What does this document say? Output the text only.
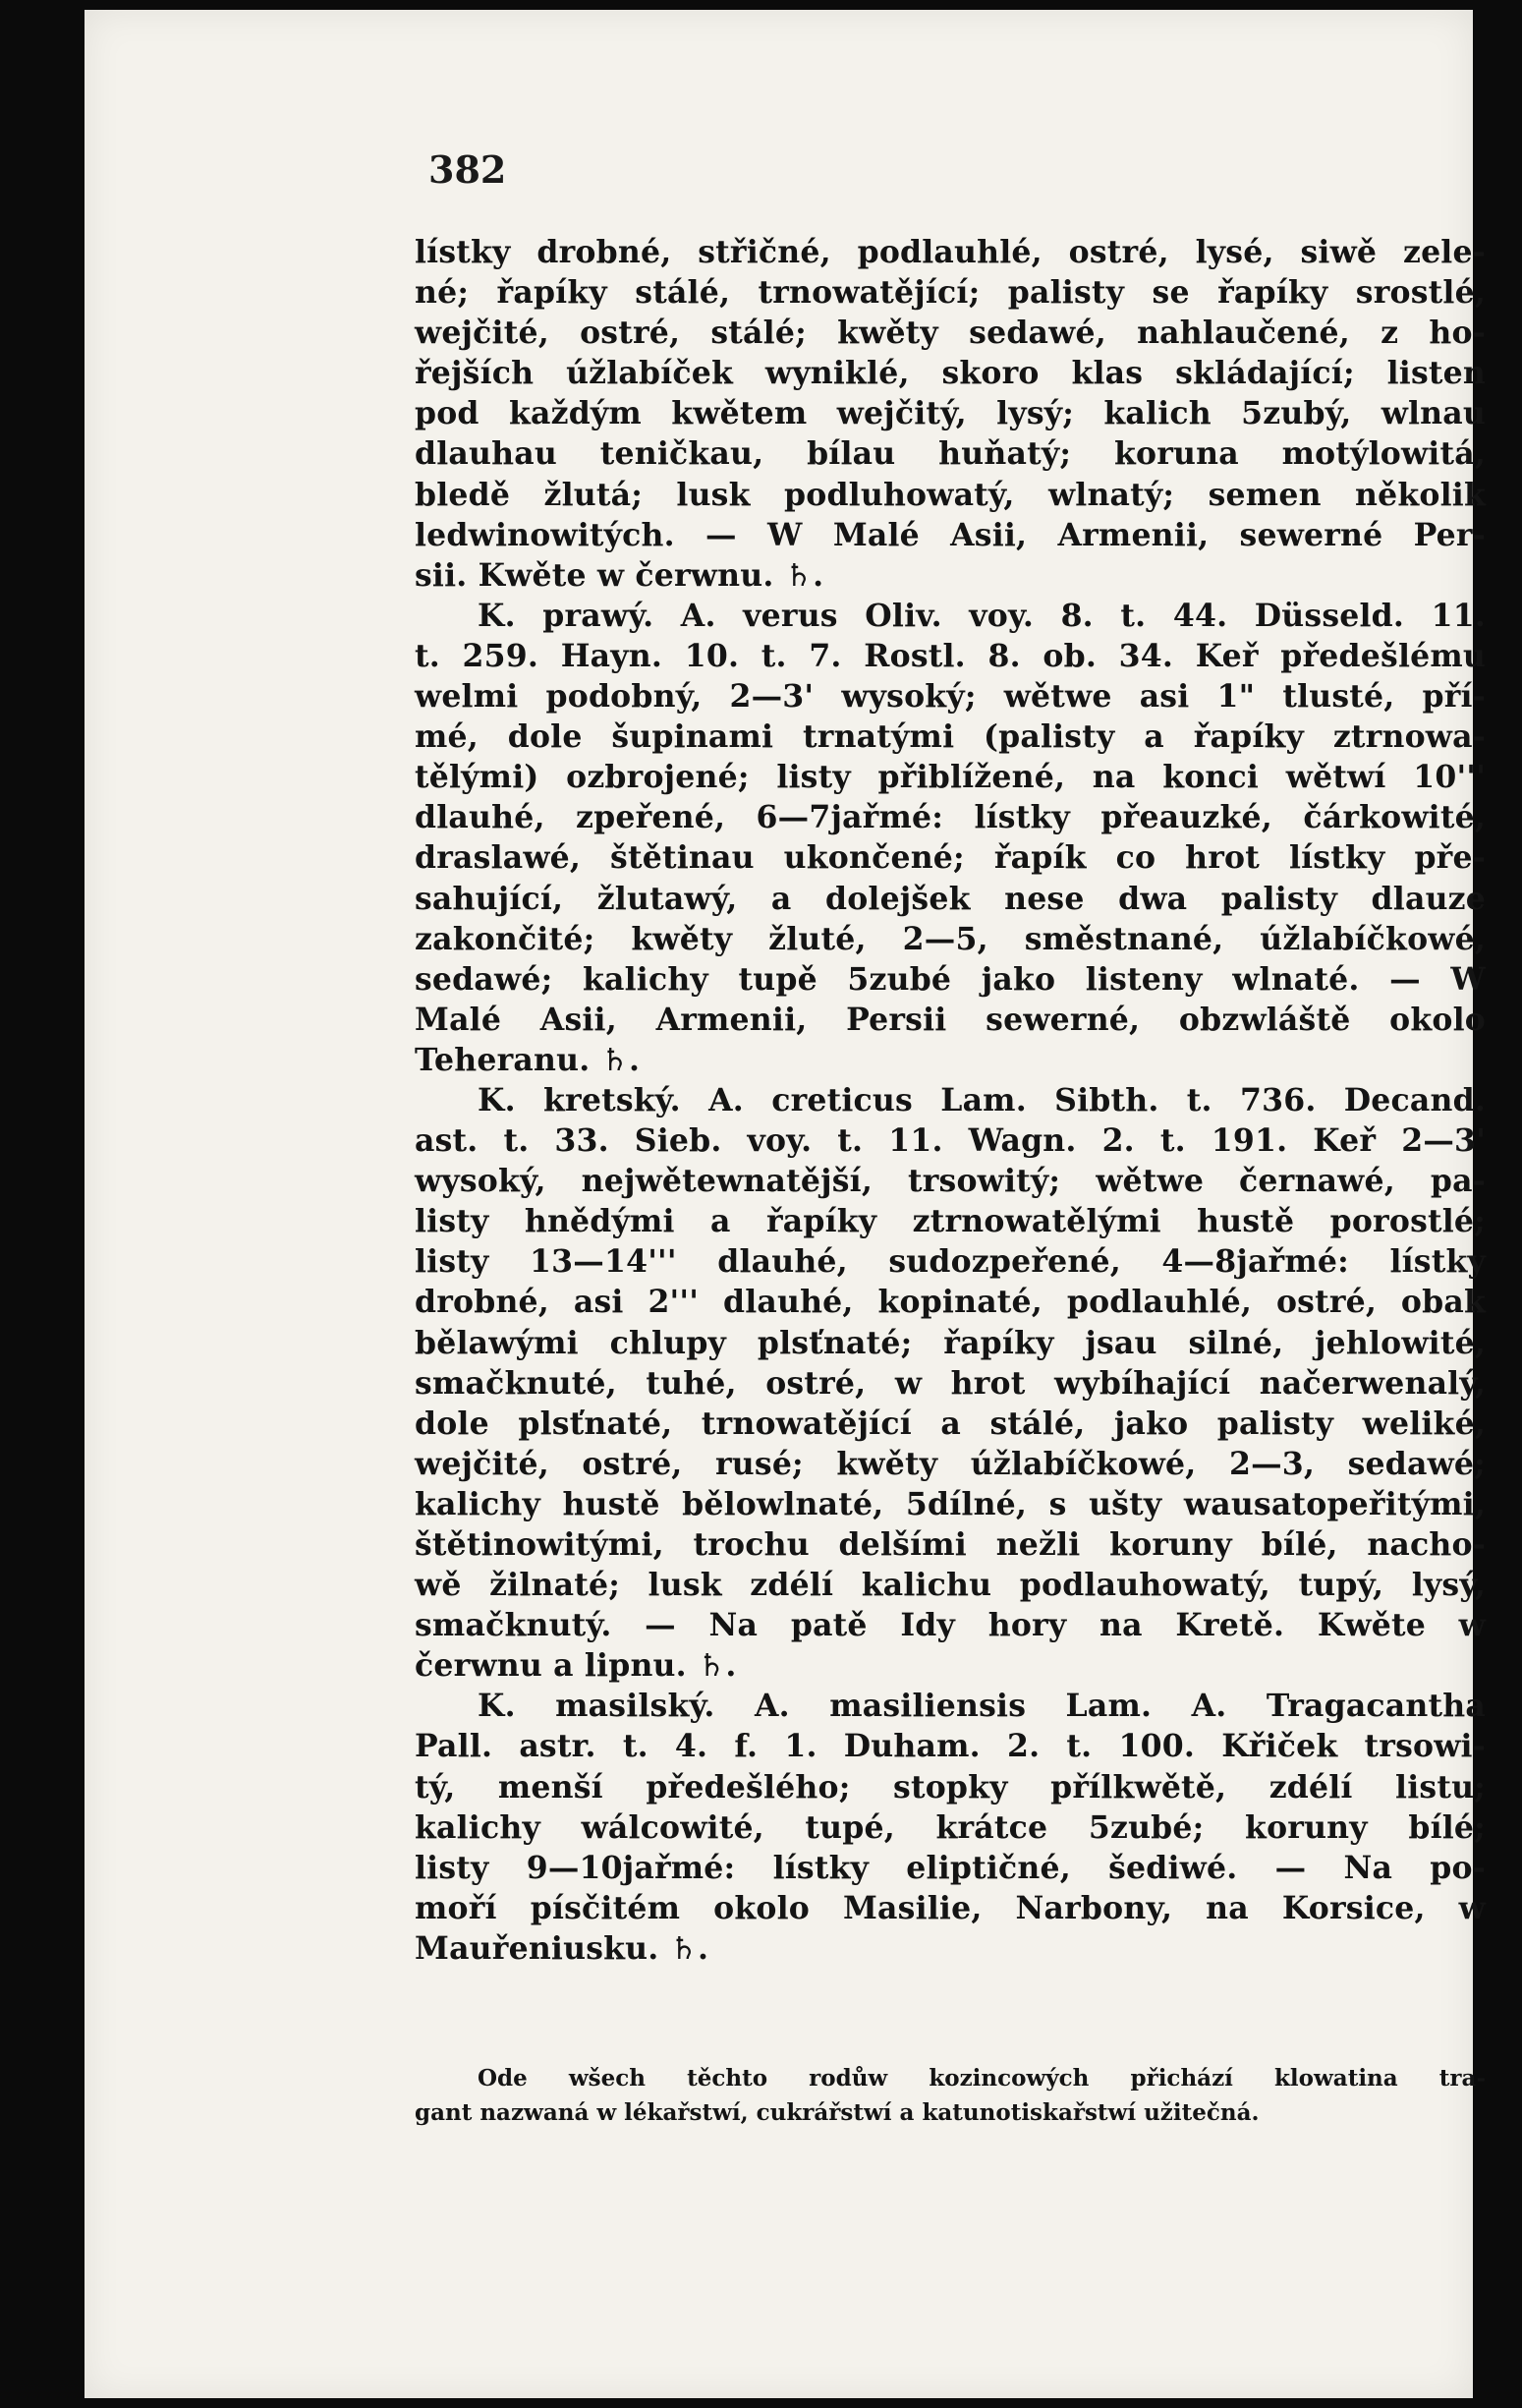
382
lístky drobné, střičné, podlauhlé, ostré, lysé, siwě zele-
né; řapíky stálé, trnowatějící; palisty se řapíky srostlé,
wejčité, ostré, stálé; kwěty sedawé, nahlaučené, z ho-
řejších úžlabíček wyniklé, skoro klas skládající; listen
pod každým kwětem wejčitý, lysý; kalich 5zubý, wlnau
dlauhau teničkau, bílau huňatý; koruna motýlowitá,
bledě žlutá; lusk podluhowatý, wlnatý; semen několik
ledwinowitých. — W Malé Asii, Armenii, sewerné Per-
sii. Kwěte w čerwnu. ♄.
K. prawý. A. verus Oliv. voy. 8. t. 44. Düsseld. 11.
t. 259. Hayn. 10. t. 7. Rostl. 8. ob. 34. Keř předešlému
welmi podobný, 2—3' wysoký; wětwe asi 1" tlusté, pří-
mé, dole šupinami trnatými (palisty a řapíky ztrnowa-
tělými) ozbrojené; listy přiblížené, na konci wětwí 10'''
dlauhé, zpeřené, 6—7jařmé: lístky přeauzké, čárkowité,
draslawé, štětinau ukončené; řapík co hrot lístky pře-
sahující, žlutawý, a dolejšek nese dwa palisty dlauze
zakončité; kwěty žluté, 2—5, směstnané, úžlabíčkowé,
sedawé; kalichy tupě 5zubé jako listeny wlnaté. — W
Malé Asii, Armenii, Persii sewerné, obzwláště okolo
Teheranu. ♄.
K. kretský. A. creticus Lam. Sibth. t. 736. Decand.
ast. t. 33. Sieb. voy. t. 11. Wagn. 2. t. 191. Keř 2—3'
wysoký, nejwětewnatější, trsowitý; wětwe černawé, pa-
listy hnědými a řapíky ztrnowatělými hustě porostlé;
listy 13—14''' dlauhé, sudozpeřené, 4—8jařmé: lístky
drobné, asi 2''' dlauhé, kopinaté, podlauhlé, ostré, obak
bělawými chlupy plsťnaté; řapíky jsau silné, jehlowité,
smačknuté, tuhé, ostré, w hrot wybíhající načerwenalý,
dole plsťnaté, trnowatějící a stálé, jako palisty weliké,
wejčité, ostré, rusé; kwěty úžlabíčkowé, 2—3, sedawé;
kalichy hustě bělowlnaté, 5dílné, s ušty wausatopeřitými,
štětinowitými, trochu delšími nežli koruny bílé, nacho-
wě žilnaté; lusk zdélí kalichu podlauhowatý, tupý, lysý,
smačknutý. — Na patě Idy hory na Kretě. Kwěte w
čerwnu a lipnu. ♄.
K. masilský. A. masiliensis Lam. A. Tragacantha
Pall. astr. t. 4. f. 1. Duham. 2. t. 100. Křiček trsowi-
tý, menší předešlého; stopky přílkwětě, zdélí listu;
kalichy wálcowité, tupé, krátce 5zubé; koruny bílé;
listy 9—10jařmé: lístky eliptičné, šediwé. — Na po-
moří písčitém okolo Masilie, Narbony, na Korsice, w
Mauřeniusku. ♄.
Ode wšech těchto rodůw kozincowých přichází klowatina tra-
gant nazwaná w lékařstwí, cukrářstwí a katunotiskařstwí užitečná.
